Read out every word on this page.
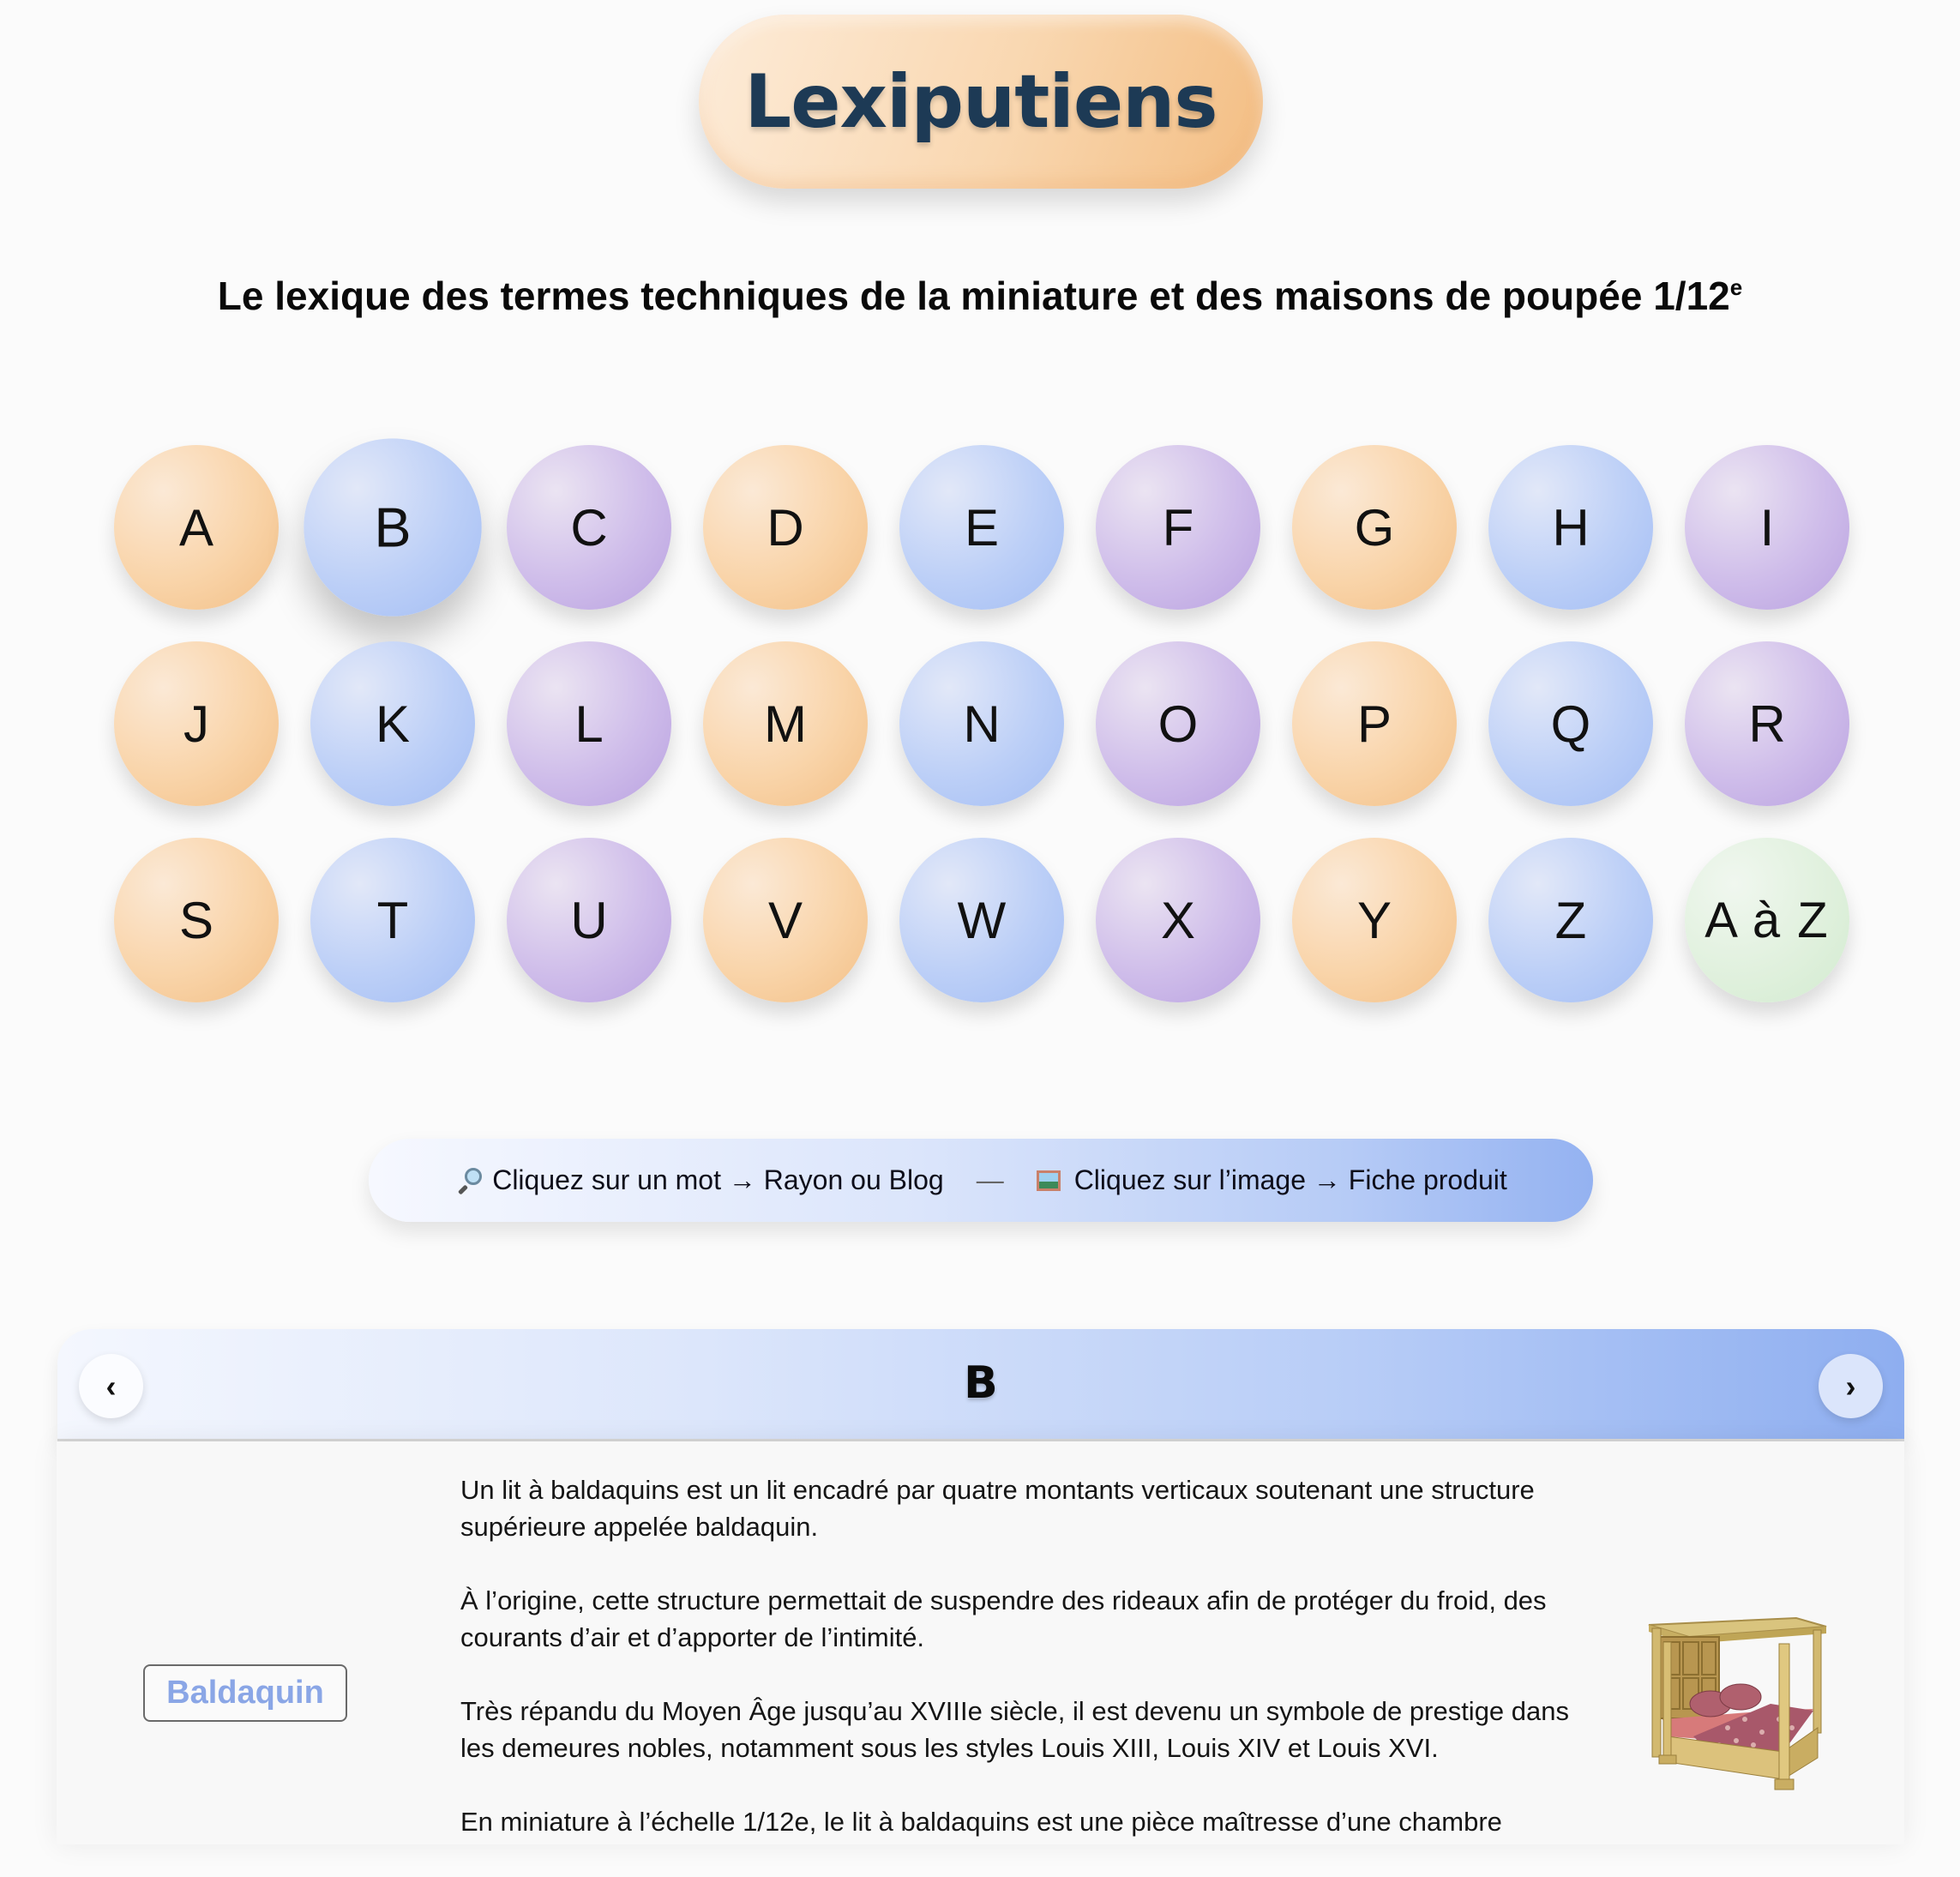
Lexiputiens
Le lexique des termes techniques de la miniature et des maisons de poupée 1/12e
A	B	C	D	E	F	G	H	I
J	K	L	M	N	O	P	Q	R
S	T	U	V	W	X	Y	Z	A à Z
Cliquez sur un mot → Rayon ou Blog —	Cliquez sur l’image → Fiche produit
‹	B	›
Baldaquin

Un lit à baldaquins est un lit encadré par quatre montants verticaux soutenant une structure supérieure appelée baldaquin.

À l’origine, cette structure permettait de suspendre des rideaux afin de protéger du froid, des courants d’air et d’apporter de l’intimité.

Très répandu du Moyen Âge jusqu’au XVIIIe siècle, il est devenu un symbole de prestige dans les demeures nobles, notamment sous les styles Louis XIII, Louis XIV et Louis XVI.

En miniature à l’échelle 1/12e, le lit à baldaquins est une pièce maîtresse d’une chambre
